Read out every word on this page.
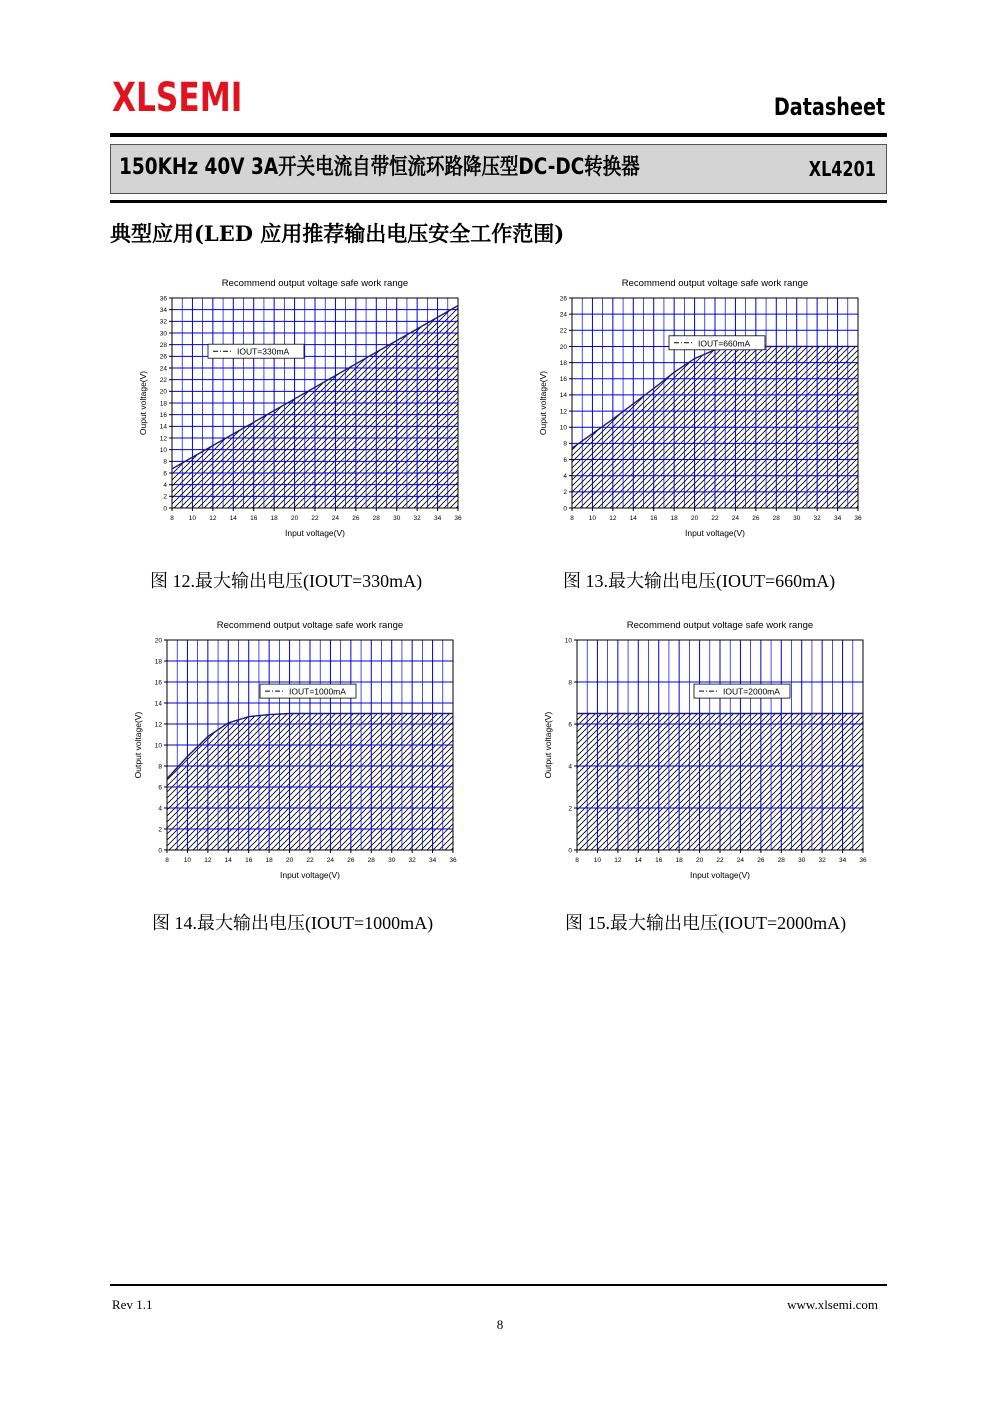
XLSEMI	Datasheet
150KHz 40V 3A开关电流自带恒流环路降压型DC-DC转换器	XL4201
典型应用(LED 应用推荐输出电压安全工作范围)
Recommend output voltage safe work range
8 10 12 14 16 18 20 22 24 26 28 30 32 34 36
0
2
4
6
8
10
12
14
16
18
20
22
24
26
28
30
32
34
36
Input voltage(V)
Ouput voltage(V)
IOUT=330mA
Recommend output voltage safe work range
8 10 12 14 16 18 20 22 24 26 28 30 32 34 36
0
2
4
6
8
10
12
14
16
18
20
22
24
26
Input voltage(V)
Ouput voltage(V)
IOUT=660mA
Recommend output voltage safe work range
8 10 12 14 16 18 20 22 24 26 28 30 32 34 36
0
2
4
6
8
10
12
14
16
18
20
Input voltage(V)
Output voltage(V)
IOUT=1000mA
Recommend output voltage safe work range
8 10 12 14 16 18 20 22 24 26 28 30 32 34 36
0
2
4
6
8
10
Input voltage(V)
Output voltage(V)
IOUT=2000mA
图 12.最大输出电压(IOUT=330mA)	图 13.最大输出电压(IOUT=660mA)
图 14.最大输出电压(IOUT=1000mA)	图 15.最大输出电压(IOUT=2000mA)
Rev 1.1	www.xlsemi.com
8
